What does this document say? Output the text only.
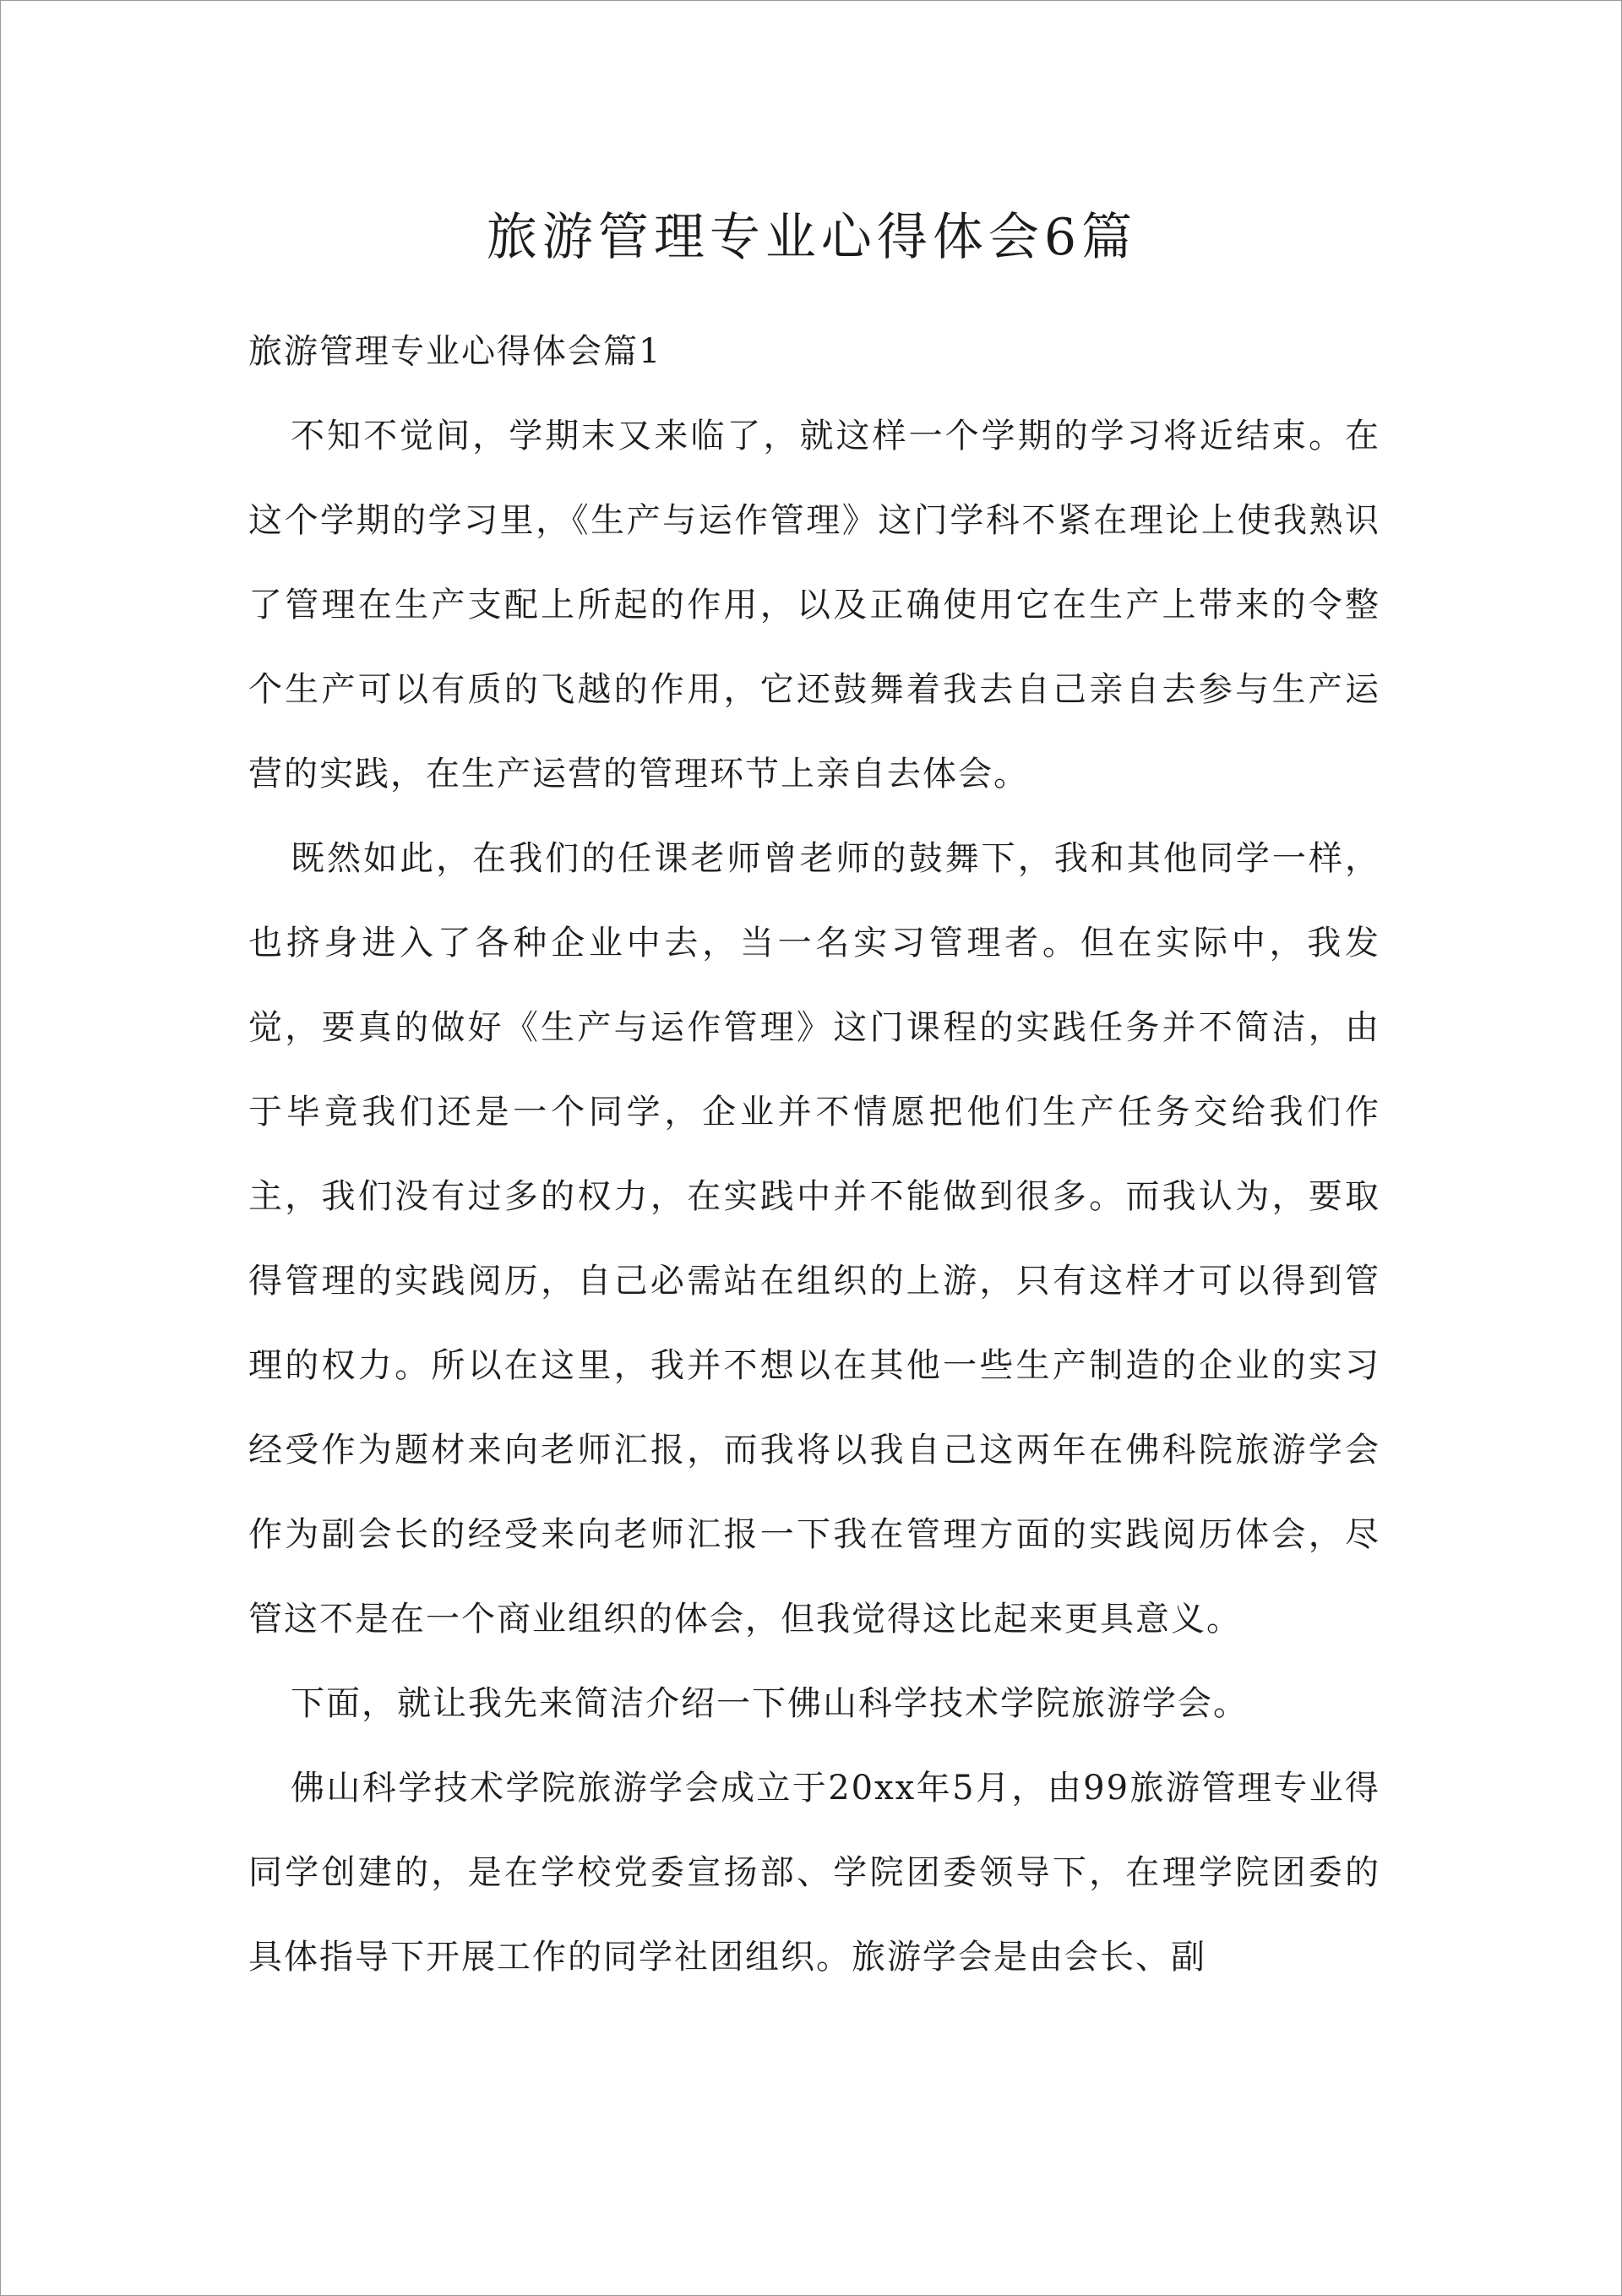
旅游管理专业心得体会6篇
旅游管理专业心得体会篇1

不知不觉间，学期末又来临了，就这样一个学期的学习将近结束。在这个学期的学习里，《生产与运作管理》这门学科不紧在理论上使我熟识了管理在生产支配上所起的作用，以及正确使用它在生产上带来的令整个生产可以有质的飞越的作用，它还鼓舞着我去自己亲自去参与生产运营的实践，在生产运营的管理环节上亲自去体会。

既然如此，在我们的任课老师曾老师的鼓舞下，我和其他同学一样，也挤身进入了各种企业中去，当一名实习管理者。但在实际中，我发觉，要真的做好《生产与运作管理》这门课程的实践任务并不简洁，由于毕竟我们还是一个同学，企业并不情愿把他们生产任务交给我们作主，我们没有过多的权力，在实践中并不能做到很多。而我认为，要取得管理的实践阅历，自己必需站在组织的上游，只有这样才可以得到管理的权力。所以在这里，我并不想以在其他一些生产制造的企业的实习经受作为题材来向老师汇报，而我将以我自己这两年在佛科院旅游学会作为副会长的经受来向老师汇报一下我在管理方面的实践阅历体会，尽管这不是在一个商业组织的体会，但我觉得这比起来更具意义。

下面，就让我先来简洁介绍一下佛山科学技术学院旅游学会。

佛山科学技术学院旅游学会成立于20xx年5月，由99旅游管理专业得同学创建的，是在学校党委宣扬部、学院团委领导下，在理学院团委的具体指导下开展工作的同学社团组织。旅游学会是由会长、副
